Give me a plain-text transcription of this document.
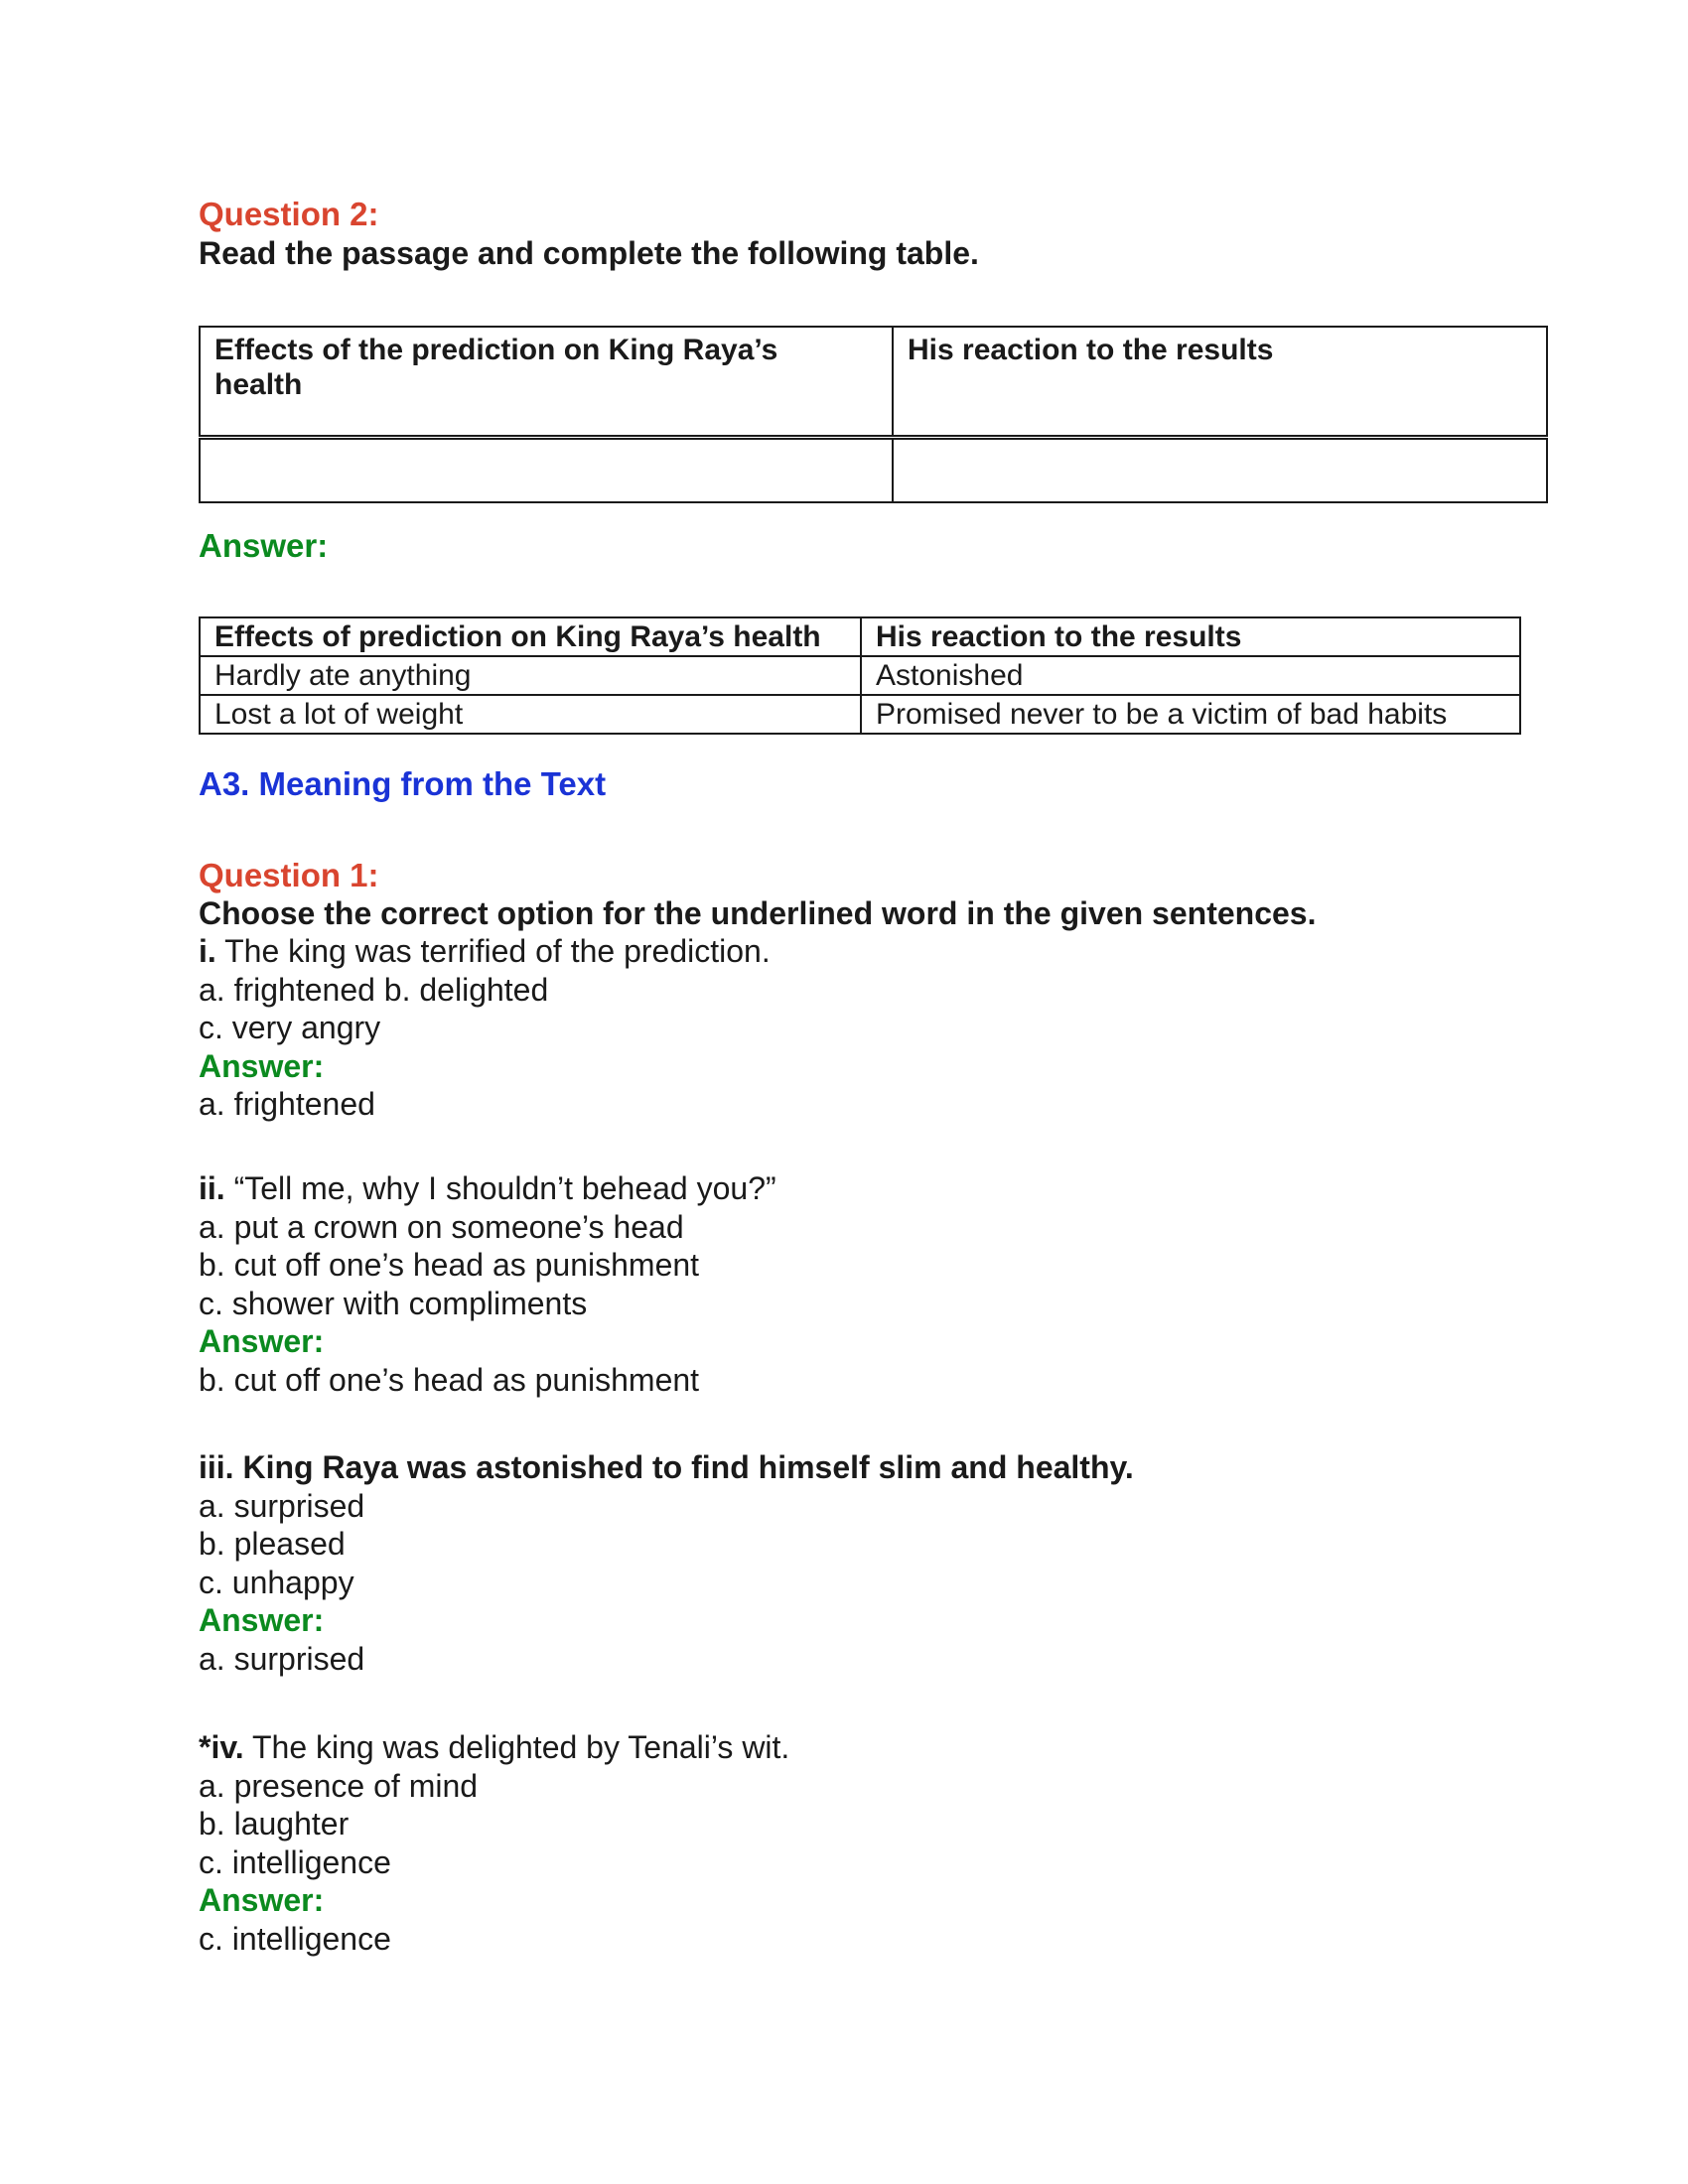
Question 2:
Read the passage and complete the following table.
Effects of the prediction on King Raya’s
health	His reaction to the results

Answer:
Effects of prediction on King Raya’s health	His reaction to the results
Hardly ate anything	Astonished
Lost a lot of weight	Promised never to be a victim of bad habits
A3. Meaning from the Text
Question 1:
Choose the correct option for the underlined word in the given sentences.
i. The king was terrified of the prediction.
a. frightened b. delighted
c. very angry
Answer:
a. frightened
ii. “Tell me, why I shouldn’t behead you?”
a. put a crown on someone’s head
b. cut off one’s head as punishment
c. shower with compliments
Answer:
b. cut off one’s head as punishment
iii. King Raya was astonished to find himself slim and healthy.
a. surprised
b. pleased
c. unhappy
Answer:
a. surprised
*iv. The king was delighted by Tenali’s wit.
a. presence of mind
b. laughter
c. intelligence
Answer:
c. intelligence
